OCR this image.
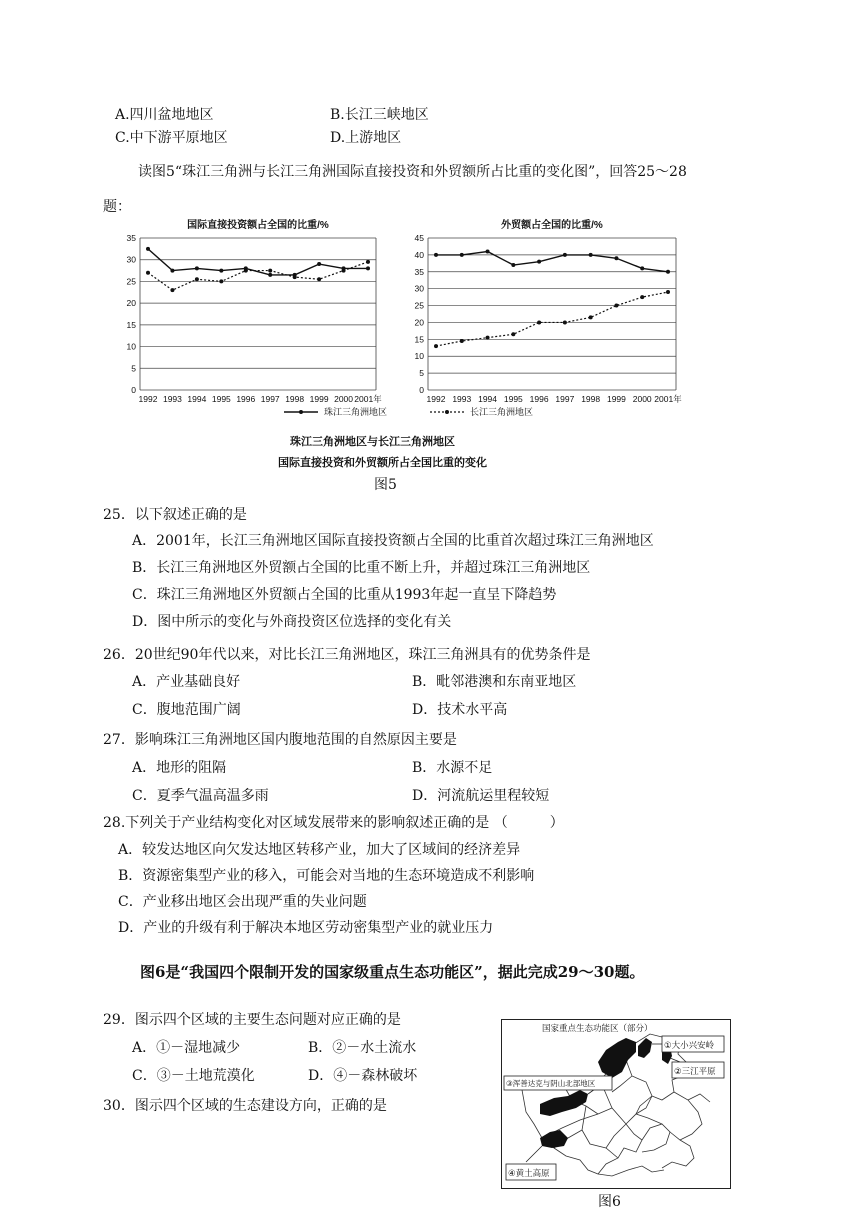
A.四川盆地地区	B.长江三峡地区
C.中下游平原地区	D.上游地区
读图5“珠江三角洲与长江三角洲国际直接投资和外贸额所占比重的变化图”，回答25～28
题：
国际直接投资额占全国的比重/%
0
5
10
15
20
25
30
35
1992 1993 1994 1995 1996 1997 1998 1999 2000 2001年
外贸额占全国的比重/%
0
5
10
15
20
25
30
35
40
45
1992 1993 1994 1995 1996 1997 1998 1999 2000 2001年
珠江三角洲地区	长江三角洲地区
珠江三角洲地区与长江三角洲地区
国际直接投资和外贸额所占全国比重的变化
图5
25．以下叙述正确的是
A．2001年，长江三角洲地区国际直接投资额占全国的比重首次超过珠江三角洲地区
B．长江三角洲地区外贸额占全国的比重不断上升，并超过珠江三角洲地区
C．珠江三角洲地区外贸额占全国的比重从1993年起一直呈下降趋势
D．图中所示的变化与外商投资区位选择的变化有关
26．20世纪90年代以来，对比长江三角洲地区，珠江三角洲具有的优势条件是
A．产业基础良好	B．毗邻港澳和东南亚地区
C．腹地范围广阔	D．技术水平高
27．影响珠江三角洲地区国内腹地范围的自然原因主要是
A．地形的阻隔	B．水源不足
C．夏季气温高温多雨	D．河流航运里程较短
28.下列关于产业结构变化对区域发展带来的影响叙述正确的是 （　　　）
A．较发达地区向欠发达地区转移产业，加大了区域间的经济差异
B．资源密集型产业的移入，可能会对当地的生态环境造成不利影响
C．产业移出地区会出现严重的失业问题
D．产业的升级有利于解决本地区劳动密集型产业的就业压力
图6是“我国四个限制开发的国家级重点生态功能区”，据此完成29～30题。
29．图示四个区域的主要生态问题对应正确的是
A．①－湿地减少	B．②－水土流水
C．③－土地荒漠化	D．④－森林破坏
30．图示四个区域的生态建设方向，正确的是
国家重点生态功能区（部分）
①大小兴安岭
②三江平原
③浑善达克与阴山北部地区
④黄土高原
图6
